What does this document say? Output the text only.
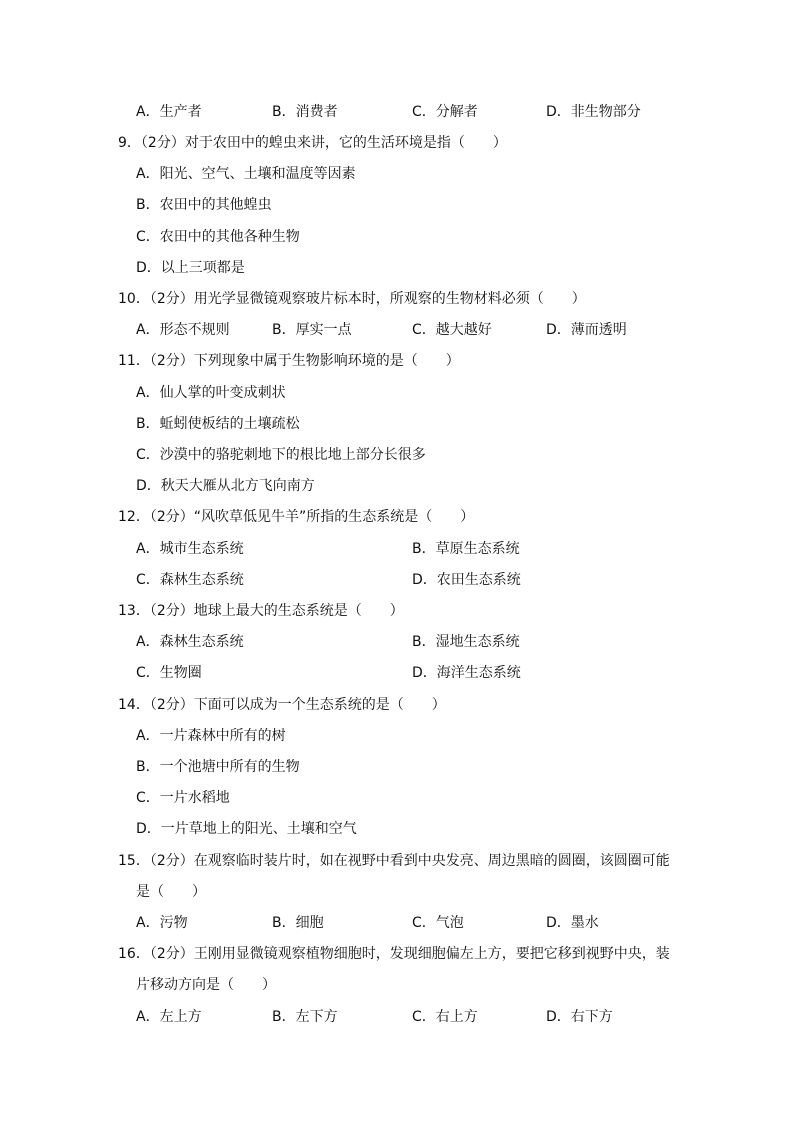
A．生产者	B．消费者	C．分解者	D．非生物部分
9．（2分）对于农田中的蝗虫来讲，它的生活环境是指（　　）
A．阳光、空气、土壤和温度等因素
B．农田中的其他蝗虫
C．农田中的其他各种生物
D．以上三项都是
10．（2分）用光学显微镜观察玻片标本时，所观察的生物材料必须（　　）
A．形态不规则	B．厚实一点	C．越大越好	D．薄而透明
11．（2分）下列现象中属于生物影响环境的是（　　）
A．仙人掌的叶变成刺状
B．蚯蚓使板结的土壤疏松
C．沙漠中的骆驼刺地下的根比地上部分长很多
D．秋天大雁从北方飞向南方
12．（2分）“风吹草低见牛羊”所指的生态系统是（　　）
A．城市生态系统	B．草原生态系统
C．森林生态系统	D．农田生态系统
13．（2分）地球上最大的生态系统是（　　）
A．森林生态系统	B．湿地生态系统
C．生物圈	D．海洋生态系统
14．（2分）下面可以成为一个生态系统的是（　　）
A．一片森林中所有的树
B．一个池塘中所有的生物
C．一片水稻地
D．一片草地上的阳光、土壤和空气
15．（2分）在观察临时装片时，如在视野中看到中央发亮、周边黑暗的圆圈，该圆圈可能
是（　　）
A．污物	B．细胞	C．气泡	D．墨水
16．（2分）王刚用显微镜观察植物细胞时，发现细胞偏左上方，要把它移到视野中央，装
片移动方向是（　　）
A．左上方	B．左下方	C．右上方	D．右下方
